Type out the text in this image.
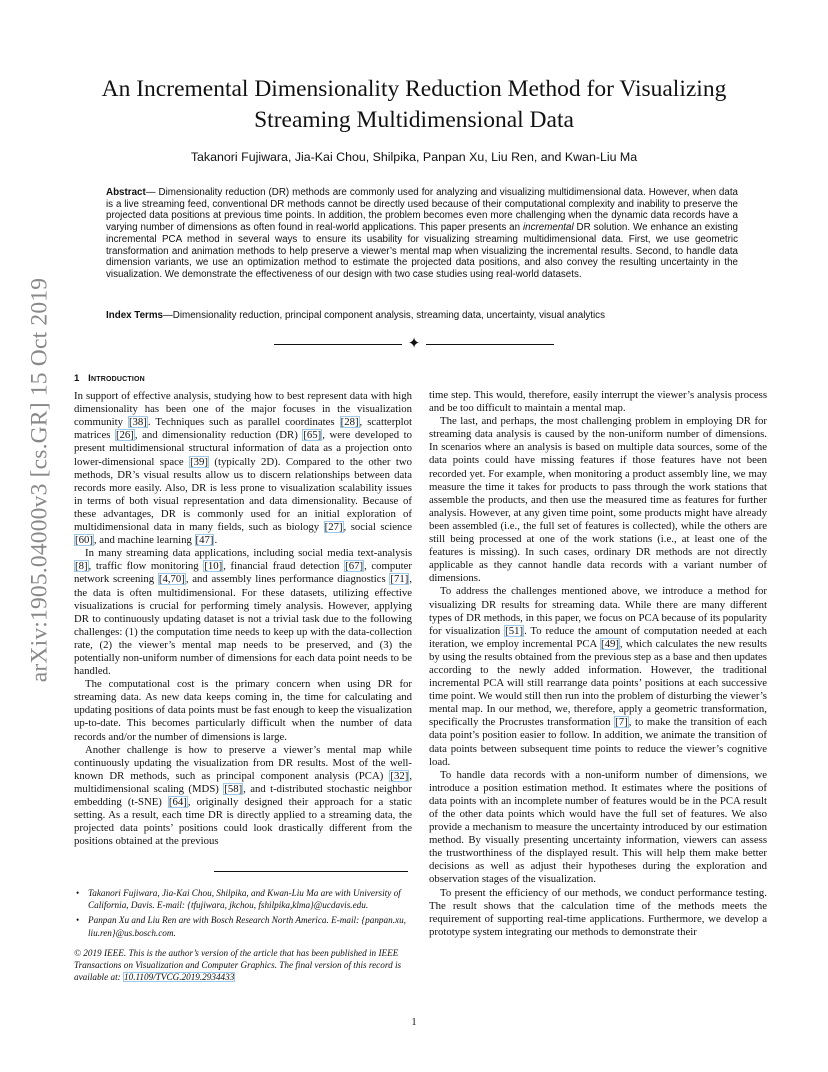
arXiv:1905.04000v3 [cs.GR] 15 Oct 2019
An Incremental Dimensionality Reduction Method for Visualizing
Streaming Multidimensional Data
Takanori Fujiwara, Jia-Kai Chou, Shilpika, Panpan Xu, Liu Ren, and Kwan-Liu Ma

Abstract— Dimensionality reduction (DR) methods are commonly used for analyzing and visualizing multidimensional data. However, when data is a live streaming feed, conventional DR methods cannot be directly used because of their computational complexity and inability to preserve the projected data positions at previous time points. In addition, the problem becomes even more challenging when the dynamic data records have a varying number of dimensions as often found in real-world applications. This paper presents an incremental DR solution. We enhance an existing incremental PCA method in several ways to ensure its usability for visualizing streaming multidimensional data. First, we use geometric transformation and animation methods to help preserve a viewer’s mental map when visualizing the incremental results. Second, to handle data dimension variants, we use an optimization method to estimate the projected data positions, and also convey the resulting uncertainty in the visualization. We demonstrate the effectiveness of our design with two case studies using real-world datasets.

Index Terms—Dimensionality reduction, principal component analysis, streaming data, uncertainty, visual analytics

✦
1 Introduction

In support of effective analysis, studying how to best represent data with high dimensionality has been one of the major focuses in the visualization community [38]. Techniques such as parallel coordinates [28], scatterplot matrices [26], and dimensionality reduction (DR) [65], were developed to present multidimensional structural information of data as a projection onto lower-dimensional space [39] (typically 2D). Compared to the other two methods, DR’s visual results allow us to discern relationships between data records more easily. Also, DR is less prone to visualization scalability issues in terms of both visual representation and data dimensionality. Because of these advantages, DR is commonly used for an initial exploration of multidimensional data in many fields, such as biology [27], social science [60], and machine learning [47].

In many streaming data applications, including social media text-analysis [8], traffic flow monitoring [10], financial fraud detection [67], computer network screening [4,70], and assembly lines performance diagnostics [71], the data is often multidimensional. For these datasets, utilizing effective visualizations is crucial for performing timely analysis. However, applying DR to continuously updating dataset is not a trivial task due to the following challenges: (1) the computation time needs to keep up with the data-collection rate, (2) the viewer’s mental map needs to be preserved, and (3) the potentially non-uniform number of dimensions for each data point needs to be handled.

The computational cost is the primary concern when using DR for streaming data. As new data keeps coming in, the time for calculating and updating positions of data points must be fast enough to keep the visualization up-to-date. This becomes particularly difficult when the number of data records and/or the number of dimensions is large.

Another challenge is how to preserve a viewer’s mental map while continuously updating the visualization from DR results. Most of the well-known DR methods, such as principal component analysis (PCA) [32], multidimensional scaling (MDS) [58], and t-distributed stochastic neighbor embedding (t-SNE) [64], originally designed their approach for a static setting. As a result, each time DR is directly applied to a streaming data, the projected data points’ positions could look drastically different from the positions obtained at the previous

time step. This would, therefore, easily interrupt the viewer’s analysis process and be too difficult to maintain a mental map.

The last, and perhaps, the most challenging problem in employing DR for streaming data analysis is caused by the non-uniform number of dimensions. In scenarios where an analysis is based on multiple data sources, some of the data points could have missing features if those features have not been recorded yet. For example, when monitoring a product assembly line, we may measure the time it takes for products to pass through the work stations that assemble the products, and then use the measured time as features for further analysis. However, at any given time point, some products might have already been assembled (i.e., the full set of features is collected), while the others are still being processed at one of the work stations (i.e., at least one of the features is missing). In such cases, ordinary DR methods are not directly applicable as they cannot handle data records with a variant number of dimensions.

To address the challenges mentioned above, we introduce a method for visualizing DR results for streaming data. While there are many different types of DR methods, in this paper, we focus on PCA because of its popularity for visualization [51]. To reduce the amount of computation needed at each iteration, we employ incremental PCA [49], which calculates the new results by using the results obtained from the previous step as a base and then updates according to the newly added information. However, the traditional incremental PCA will still rearrange data points’ positions at each successive time point. We would still then run into the problem of disturbing the viewer’s mental map. In our method, we, therefore, apply a geometric transformation, specifically the Procrustes transformation [7], to make the transition of each data point’s position easier to follow. In addition, we animate the transition of data points between subsequent time points to reduce the viewer’s cognitive load.

To handle data records with a non-uniform number of dimensions, we introduce a position estimation method. It estimates where the positions of data points with an incomplete number of features would be in the PCA result of the other data points which would have the full set of features. We also provide a mechanism to measure the uncertainty introduced by our estimation method. By visually presenting uncertainty information, viewers can assess the trustworthiness of the displayed result. This will help them make better decisions as well as adjust their hypotheses during the exploration and observation stages of the visualization.

To present the efficiency of our methods, we conduct performance testing. The result shows that the calculation time of the methods meets the requirement of supporting real-time applications. Furthermore, we develop a prototype system integrating our methods to demonstrate their

• Takanori Fujiwara, Jia-Kai Chou, Shilpika, and Kwan-Liu Ma are with University of California, Davis. E-mail: {tfujiwara, jkchou, fshilpika,klma}@ucdavis.edu.
• Panpan Xu and Liu Ren are with Bosch Research North America. E-mail: {panpan.xu, liu.ren}@us.bosch.com.
© 2019 IEEE. This is the author’s version of the article that has been published in IEEE Transactions on Visualization and Computer Graphics. The final version of this record is available at: 10.1109/TVCG.2019.2934433
1
